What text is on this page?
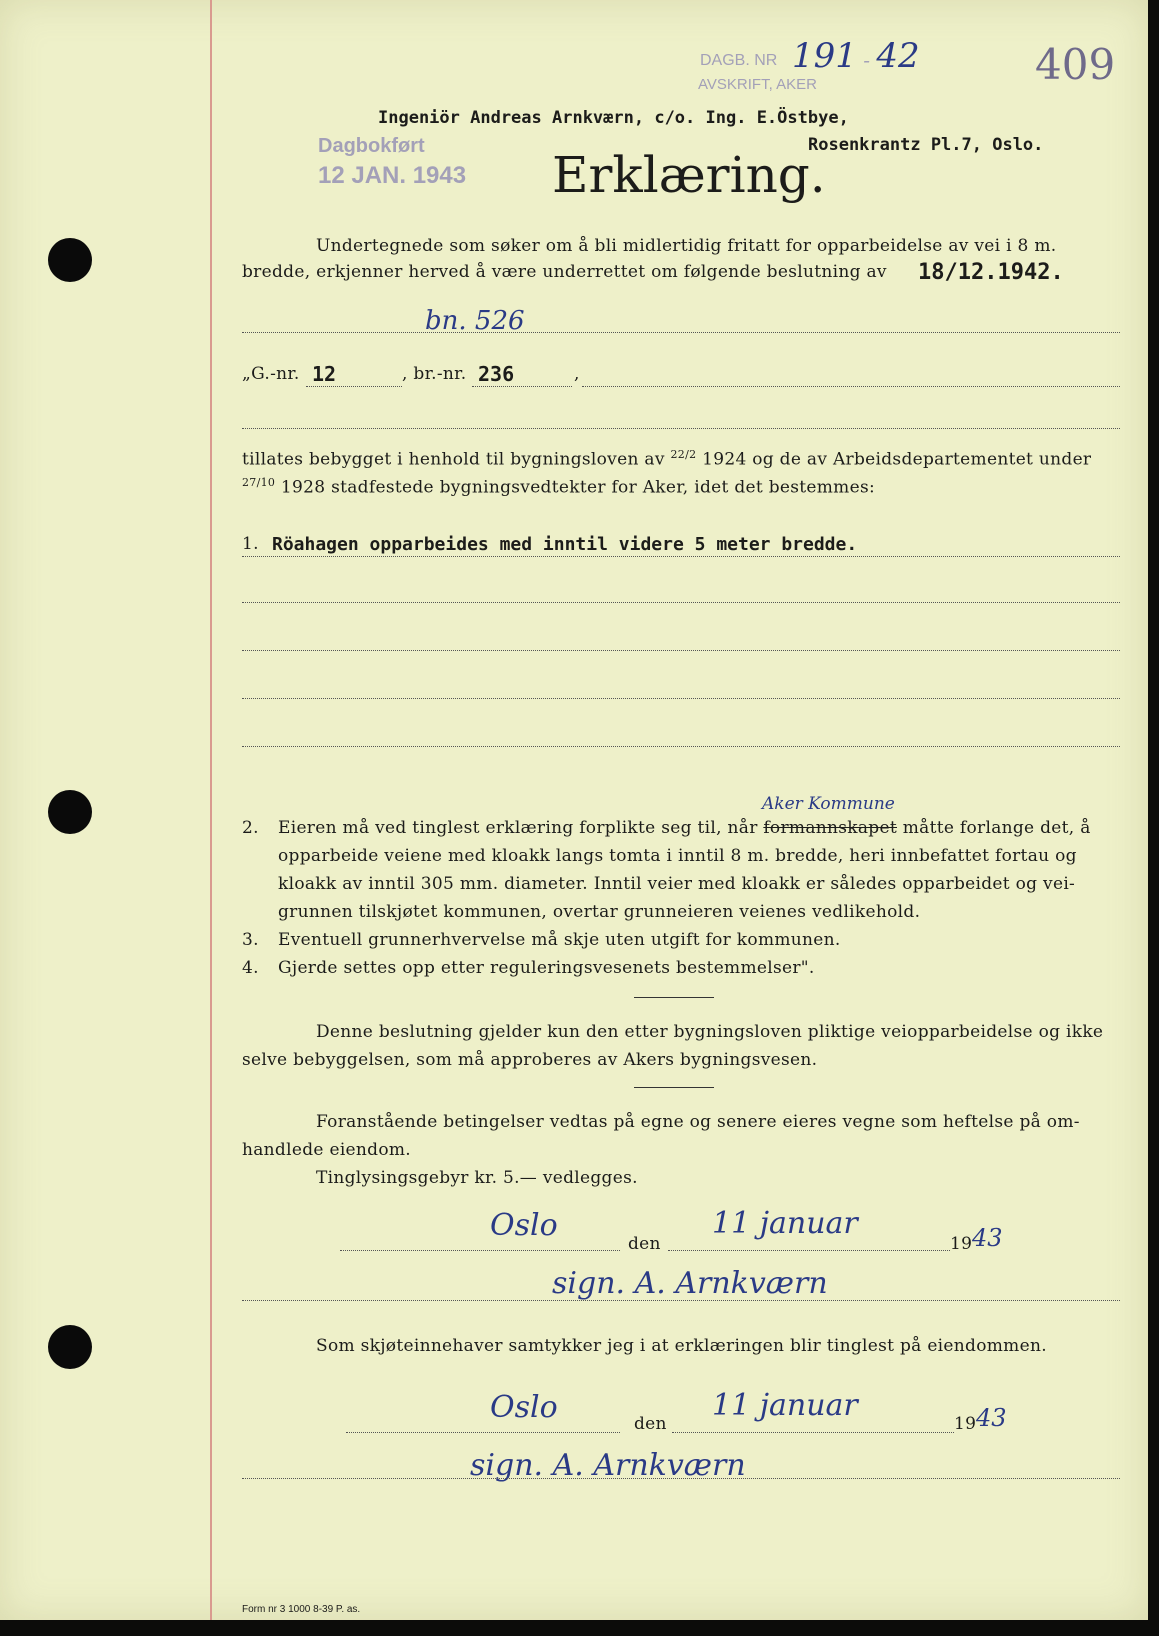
DAGB. NR 191 - 42
AVSKRIFT, AKER	409
Dagbokført
12 JAN. 1943
Ingeniör Andreas Arnkværn, c/o. Ing. E.Östbye,
Rosenkrantz Pl.7, Oslo.
Erklæring.
Undertegnede som søker om å bli midlertidig fritatt for opparbeidelse av vei i 8 m.
bredde, erkjenner herved å være underrettet om følgende beslutning av 18/12.1942.
bn. 526
„G.-nr. 12	, br.-nr. 236	,
tillates bebygget i henhold til bygningsloven av $^{22/2}$ 1924 og de av Arbeidsdepartementet under
$^{27/10}$ 1928 stadfestede bygningsvedtekter for Aker, idet det bestemmes:
1. Röahagen opparbeides med inntil videre 5 meter bredde.
Aker Kommune
2. Eieren må ved tinglest erklæring forplikte seg til, når formannskapet måtte forlange det, å
opparbeide veiene med kloakk langs tomta i inntil 8 m. bredde, heri innbefattet fortau og
kloakk av inntil 305 mm. diameter. Inntil veier med kloakk er således opparbeidet og vei-
grunnen tilskjøtet kommunen, overtar grunneieren veienes vedlikehold.
3. Eventuell grunnerhvervelse må skje uten utgift for kommunen.
4. Gjerde settes opp etter reguleringsvesenets bestemmelser".
Denne beslutning gjelder kun den etter bygningsloven pliktige veiopparbeidelse og ikke
selve bebyggelsen, som må approberes av Akers bygningsvesen.
Foranstående betingelser vedtas på egne og senere eieres vegne som heftelse på om-
handlede eiendom.
Tinglysingsgebyr kr. 5.— vedlegges.
Oslo
den
11 januar
19 43
sign. A. Arnkværn
Som skjøteinnehaver samtykker jeg i at erklæringen blir tinglest på eiendommen.
Oslo	den
11 januar
19 43
sign. A. Arnkværn
Form nr 3 1000 8-39 P. as.
